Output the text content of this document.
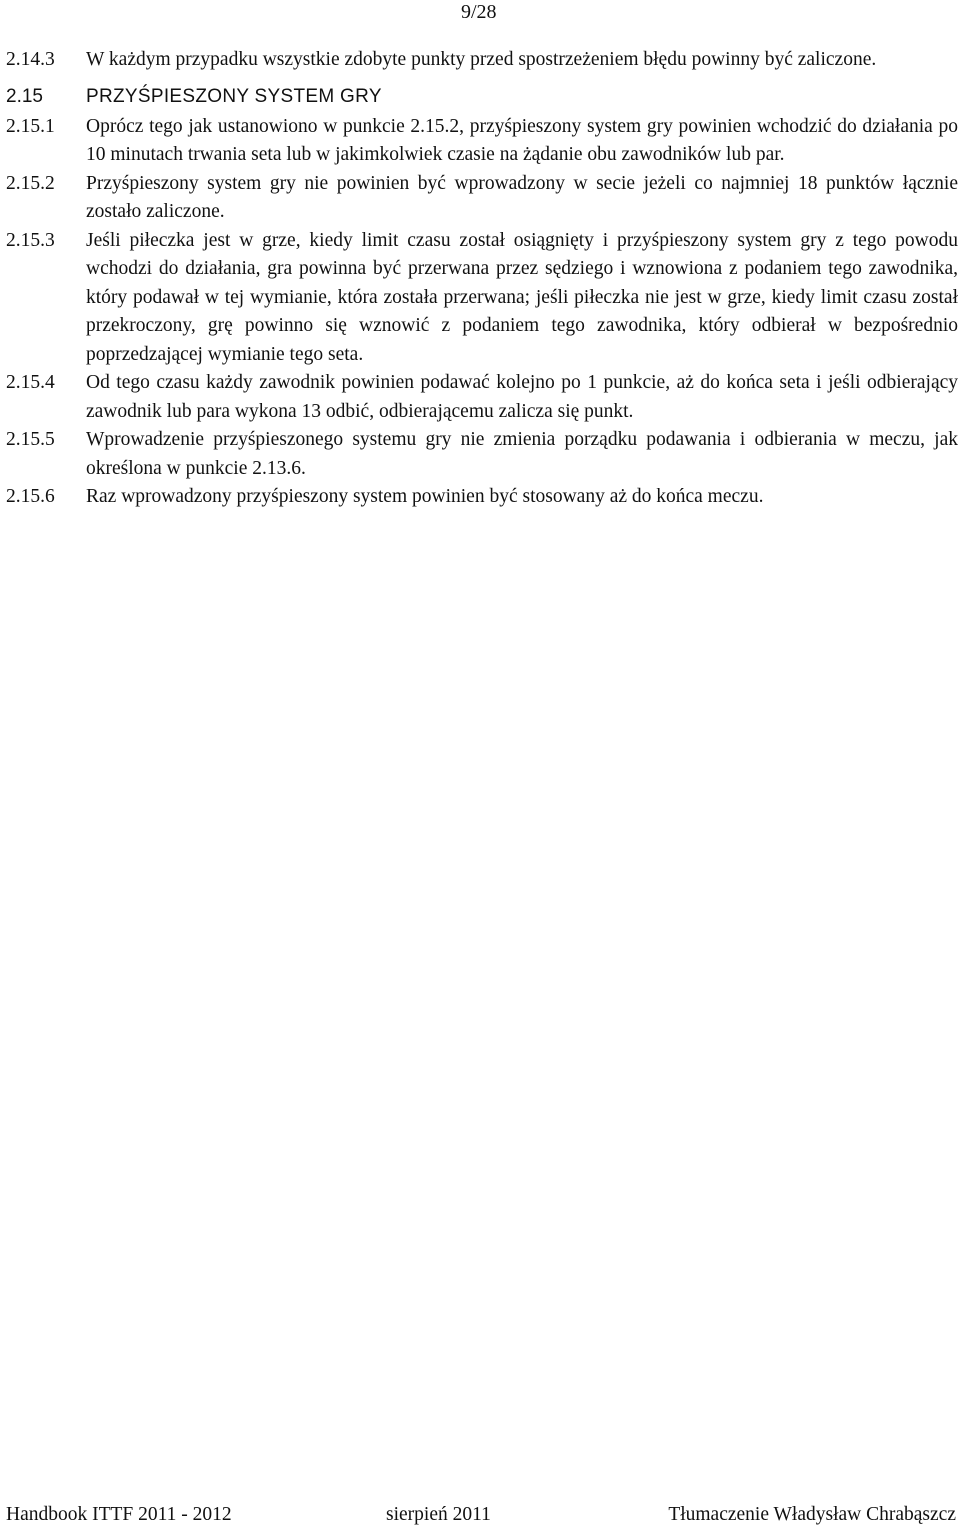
9/28
2.14.3	W każdym przypadku wszystkie zdobyte punkty przed spostrzeżeniem błędu powinny być zaliczone.
2.15	PRZYŚPIESZONY SYSTEM GRY
2.15.1	Oprócz tego jak ustanowiono w punkcie 2.15.2, przyśpieszony system gry powinien wchodzić do działania po 10 minutach trwania seta lub w jakimkolwiek czasie na żądanie obu zawodników lub par.
2.15.2	Przyśpieszony system gry nie powinien być wprowadzony w secie jeżeli co najmniej 18 punktów łącznie zostało zaliczone.
2.15.3	Jeśli piłeczka jest w grze, kiedy limit czasu został osiągnięty i przyśpieszony system gry z tego powodu wchodzi do działania, gra powinna być przerwana przez sędziego i wznowiona z podaniem tego zawodnika, który podawał w tej wymianie, która została przerwana; jeśli piłeczka nie jest w grze, kiedy limit czasu został przekroczony, grę powinno się wznowić z podaniem tego zawodnika, który odbierał w bezpośrednio poprzedzającej wymianie tego seta.
2.15.4	Od tego czasu każdy zawodnik powinien podawać kolejno po 1 punkcie, aż do końca seta i jeśli odbierający zawodnik lub para wykona 13 odbić, odbierającemu zalicza się punkt.
2.15.5	Wprowadzenie przyśpieszonego systemu gry nie zmienia porządku podawania i odbierania w meczu, jak określona w punkcie 2.13.6.
2.15.6	Raz wprowadzony przyśpieszony system powinien być stosowany aż do końca meczu.
Handbook ITTF 2011 - 2012	sierpień 2011	Tłumaczenie Władysław Chrabąszcz
